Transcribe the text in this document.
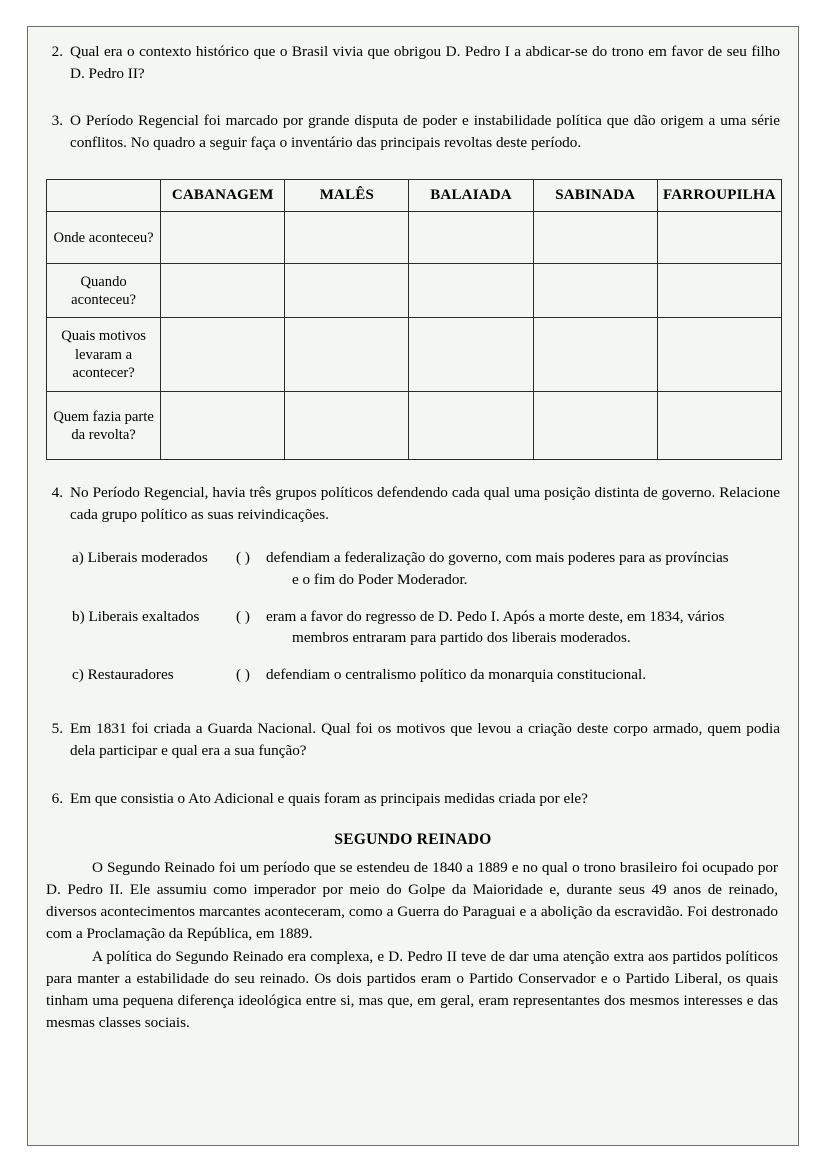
2. Qual era o contexto histórico que o Brasil vivia que obrigou D. Pedro I a abdicar-se do trono em favor de seu filho D. Pedro II?
3. O Período Regencial foi marcado por grande disputa de poder e instabilidade política que dão origem a uma série conflitos. No quadro a seguir faça o inventário das principais revoltas deste período.
	CABANAGEM	MALÊS	BALAIADA	SABINADA	FARROUPILHA
Onde aconteceu?					
Quando aconteceu?					
Quais motivos levaram a acontecer?					
Quem fazia parte da revolta?					
4. No Período Regencial, havia três grupos políticos defendendo cada qual uma posição distinta de governo. Relacione cada grupo político as suas reivindicações.
a) Liberais moderados	( )	defendiam a federalização do governo, com mais poderes para as províncias
e o fim do Poder Moderador.
b) Liberais exaltados	( )	eram a favor do regresso de D. Pedo I. Após a morte deste, em 1834, vários
membros entraram para partido dos liberais moderados.
c) Restauradores	( )	defendiam o centralismo político da monarquia constitucional.
5. Em 1831 foi criada a Guarda Nacional. Qual foi os motivos que levou a criação deste corpo armado, quem podia dela participar e qual era a sua função?
6. Em que consistia o Ato Adicional e quais foram as principais medidas criada por ele?

SEGUNDO REINADO

O Segundo Reinado foi um período que se estendeu de 1840 a 1889 e no qual o trono brasileiro foi ocupado por D. Pedro II. Ele assumiu como imperador por meio do Golpe da Maioridade e, durante seus 49 anos de reinado, diversos acontecimentos marcantes aconteceram, como a Guerra do Paraguai e a abolição da escravidão. Foi destronado com a Proclamação da República, em 1889.

A política do Segundo Reinado era complexa, e D. Pedro II teve de dar uma atenção extra aos partidos políticos para manter a estabilidade do seu reinado. Os dois partidos eram o Partido Conservador e o Partido Liberal, os quais tinham uma pequena diferença ideológica entre si, mas que, em geral, eram representantes dos mesmos interesses e das mesmas classes sociais.
